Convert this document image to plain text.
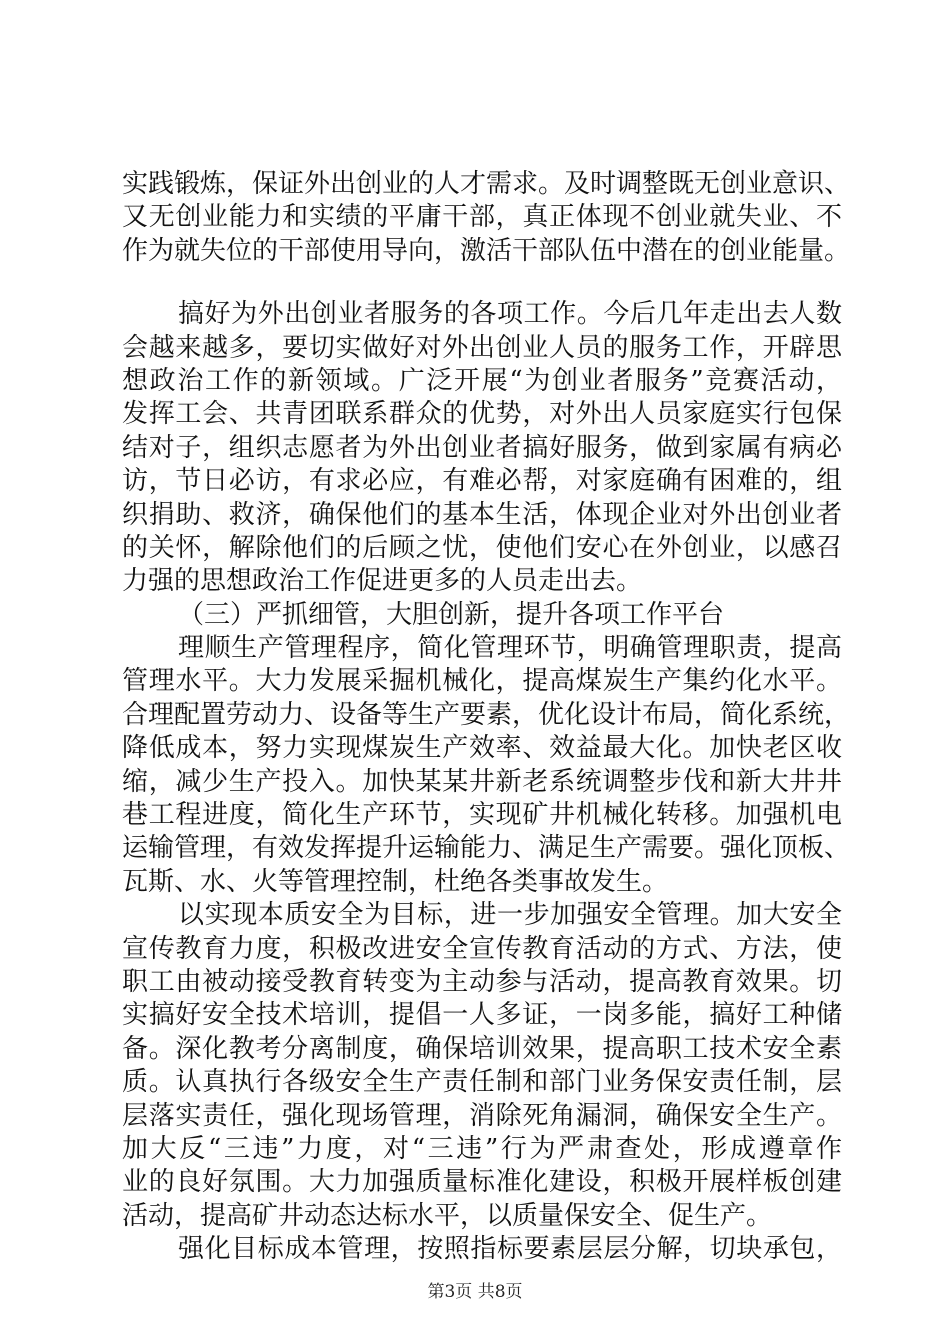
实践锻炼，保证外出创业的人才需求。及时调整既无创业意识、
又无创业能力和实绩的平庸干部，真正体现不创业就失业、不
作为就失位的干部使用导向，激活干部队伍中潜在的创业能量。
搞好为外出创业者服务的各项工作。今后几年走出去人数
会越来越多，要切实做好对外出创业人员的服务工作，开辟思
想政治工作的新领域。广泛开展“为创业者服务”竞赛活动，
发挥工会、共青团联系群众的优势，对外出人员家庭实行包保
结对子，组织志愿者为外出创业者搞好服务，做到家属有病必
访，节日必访，有求必应，有难必帮，对家庭确有困难的，组
织捐助、救济，确保他们的基本生活，体现企业对外出创业者
的关怀，解除他们的后顾之忧，使他们安心在外创业，以感召
力强的思想政治工作促进更多的人员走出去。
（三）严抓细管，大胆创新，提升各项工作平台
理顺生产管理程序，简化管理环节，明确管理职责，提高
管理水平。大力发展采掘机械化，提高煤炭生产集约化水平。
合理配置劳动力、设备等生产要素，优化设计布局，简化系统，
降低成本，努力实现煤炭生产效率、效益最大化。加快老区收
缩，减少生产投入。加快某某井新老系统调整步伐和新大井井
巷工程进度，简化生产环节，实现矿井机械化转移。加强机电
运输管理，有效发挥提升运输能力、满足生产需要。强化顶板、
瓦斯、水、火等管理控制，杜绝各类事故发生。
以实现本质安全为目标，进一步加强安全管理。加大安全
宣传教育力度，积极改进安全宣传教育活动的方式、方法，使
职工由被动接受教育转变为主动参与活动，提高教育效果。切
实搞好安全技术培训，提倡一人多证，一岗多能，搞好工种储
备。深化教考分离制度，确保培训效果，提高职工技术安全素
质。认真执行各级安全生产责任制和部门业务保安责任制，层
层落实责任，强化现场管理，消除死角漏洞，确保安全生产。
加大反“三违”力度，对“三违”行为严肃查处，形成遵章作
业的良好氛围。大力加强质量标准化建设，积极开展样板创建
活动，提高矿井动态达标水平，以质量保安全、促生产。
强化目标成本管理，按照指标要素层层分解，切块承包，
第3页 共8页
